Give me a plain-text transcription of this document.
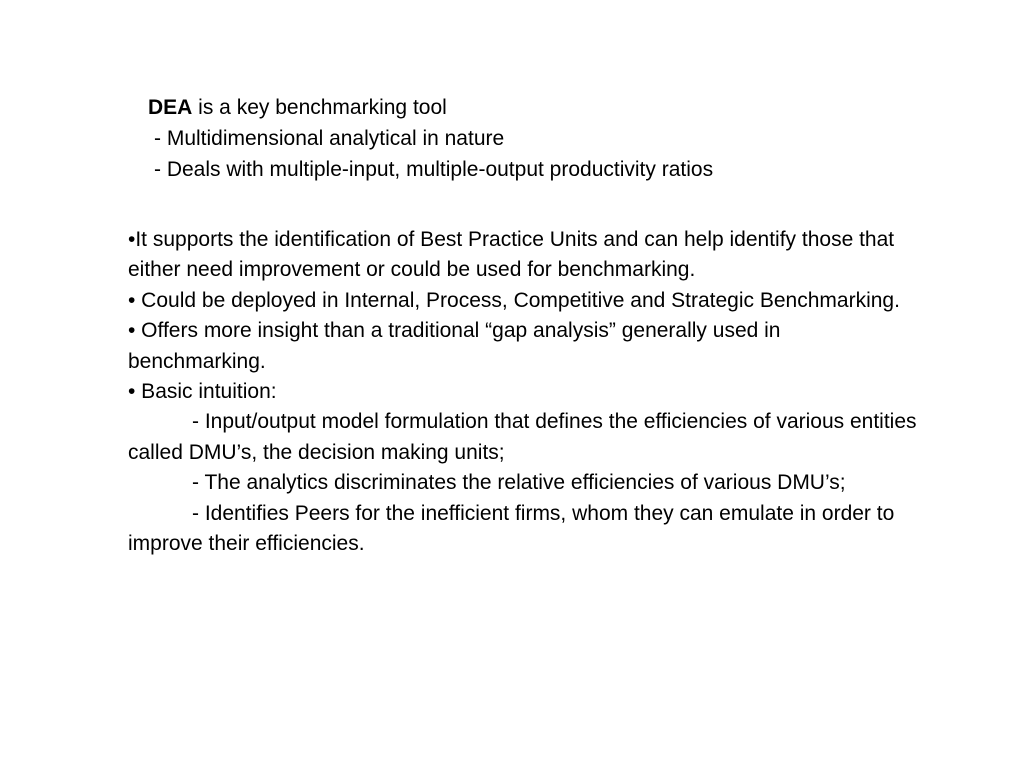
DEA is a key benchmarking tool
- Multidimensional analytical in nature
- Deals with multiple-input, multiple-output productivity ratios
•It supports the identification of Best Practice Units and can help identify those that either need improvement or could be used for benchmarking.
• Could be deployed in Internal, Process, Competitive and Strategic Benchmarking.
• Offers more insight than a traditional “gap analysis” generally used in benchmarking.
• Basic intuition:
- Input/output model formulation that defines the efficiencies of various entities called DMU’s, the decision making units;
- The analytics discriminates the relative efficiencies of various DMU’s;
- Identifies Peers for the inefficient firms, whom they can emulate in order to improve their efficiencies.
